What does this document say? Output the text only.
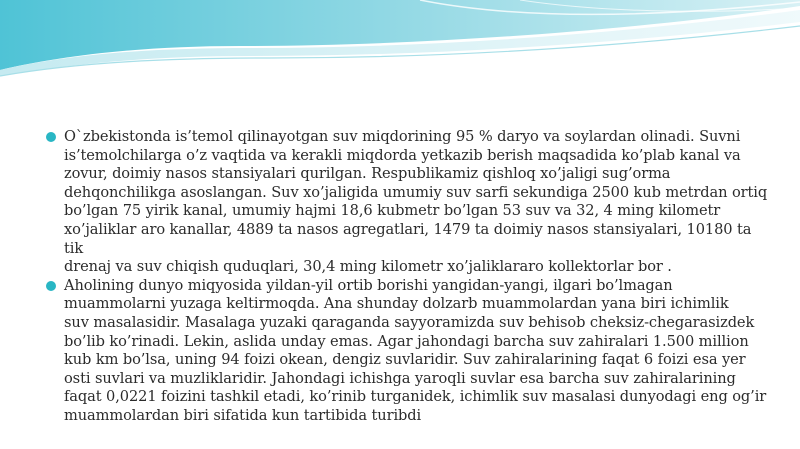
O`zbekistonda is’temol qilinayotgan suv miqdorining 95 % daryo va soylardan olinadi. Suvni
is’temolchilarga o’z vaqtida va kerakli miqdorda yetkazib berish maqsadida ko’plab kanal va
zovur, doimiy nasos stansiyalari qurilgan. Respublikamiz qishloq xo’jaligi sug’orma
dehqonchilikga asoslangan. Suv xo’jaligida umumiy suv sarfi sekundiga 2500 kub metrdan ortiq
bo’lgan 75 yirik kanal, umumiy hajmi 18,6 kubmetr bo’lgan 53 suv va 32, 4 ming kilometr
xo’jaliklar aro kanallar, 4889 ta nasos agregatlari, 1479 ta doimiy nasos stansiyalari, 10180 ta tik
drenaj va suv chiqish quduqlari, 30,4 ming kilometr xo’jaliklararo kollektorlar bor .
Aholining dunyo miqyosida yildan-yil ortib borishi yangidan-yangi, ilgari bo’lmagan
muammolarni yuzaga keltirmoqda. Ana shunday dolzarb muammolardan yana biri ichimlik
suv masalasidir. Masalaga yuzaki qaraganda sayyoramizda suv behisob cheksiz-chegarasizdek
bo’lib ko’rinadi. Lekin, aslida unday emas. Agar jahondagi barcha suv zahiralari 1.500 million
kub km bo’lsa, uning 94 foizi okean, dengiz suvlaridir. Suv zahiralarining faqat 6 foizi esa yer
osti suvlari va muzliklaridir. Jahondagi ichishga yaroqli suvlar esa barcha suv zahiralarining
faqat 0,0221 foizini tashkil etadi, ko’rinib turganidek, ichimlik suv masalasi dunyodagi eng og’ir
muammolardan biri sifatida kun tartibida turibdi
